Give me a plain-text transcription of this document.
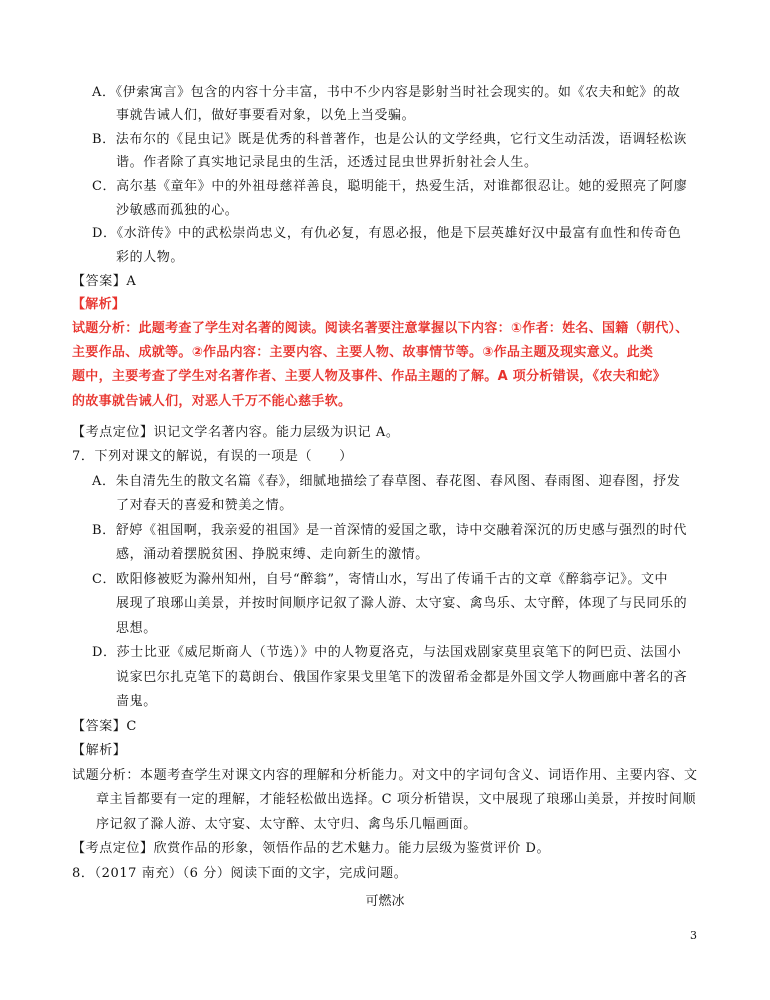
A．《伊索寓言》包含的内容十分丰富，书中不少内容是影射当时社会现实的。如《农夫和蛇》的故
事就告诫人们，做好事要看对象，以免上当受骗。
B．法布尔的《昆虫记》既是优秀的科普著作，也是公认的文学经典，它行文生动活泼，语调轻松诙
谐。作者除了真实地记录昆虫的生活，还透过昆虫世界折射社会人生。
C．高尔基《童年》中的外祖母慈祥善良，聪明能干，热爱生活，对谁都很忍让。她的爱照亮了阿廖
沙敏感而孤独的心。
D．《水浒传》中的武松崇尚忠义，有仇必复，有恩必报，他是下层英雄好汉中最富有血性和传奇色
彩的人物。
【答案】A
【解析】
试题分析：此题考查了学生对名著的阅读。阅读名著要注意掌握以下内容：①作者：姓名、国籍（朝代）、
主要作品、成就等。②作品内容：主要内容、主要人物、故事情节等。③作品主题及现实意义。此类
题中，主要考查了学生对名著作者、主要人物及事件、作品主题的了解。A 项分析错误，《农夫和蛇》
的故事就告诫人们，对恶人千万不能心慈手软。
【考点定位】识记文学名著内容。能力层级为识记 A。
7．下列对课文的解说，有误的一项是（　　）
A．朱自清先生的散文名篇《春》，细腻地描绘了春草图、春花图、春风图、春雨图、迎春图，抒发
了对春天的喜爱和赞美之情。
B．舒婷《祖国啊，我亲爱的祖国》是一首深情的爱国之歌，诗中交融着深沉的历史感与强烈的时代
感，涌动着摆脱贫困、挣脱束缚、走向新生的激情。
C．欧阳修被贬为滁州知州，自号“醉翁”，寄情山水，写出了传诵千古的文章《醉翁亭记》。文中
展现了琅琊山美景，并按时间顺序记叙了滁人游、太守宴、禽鸟乐、太守醉，体现了与民同乐的
思想。
D．莎士比亚《威尼斯商人（节选）》中的人物夏洛克，与法国戏剧家莫里哀笔下的阿巴贡、法国小
说家巴尔扎克笔下的葛朗台、俄国作家果戈里笔下的泼留希金都是外国文学人物画廊中著名的吝
啬鬼。
【答案】C
【解析】
试题分析：本题考查学生对课文内容的理解和分析能力。对文中的字词句含义、词语作用、主要内容、文
章主旨都要有一定的理解，才能轻松做出选择。C 项分析错误，文中展现了琅琊山美景，并按时间顺
序记叙了滁人游、太守宴、太守醉、太守归、禽鸟乐几幅画面。
【考点定位】欣赏作品的形象，领悟作品的艺术魅力。能力层级为鉴赏评价 D。
8．（2017 南充）（6 分）阅读下面的文字，完成问题。
可燃冰
3
